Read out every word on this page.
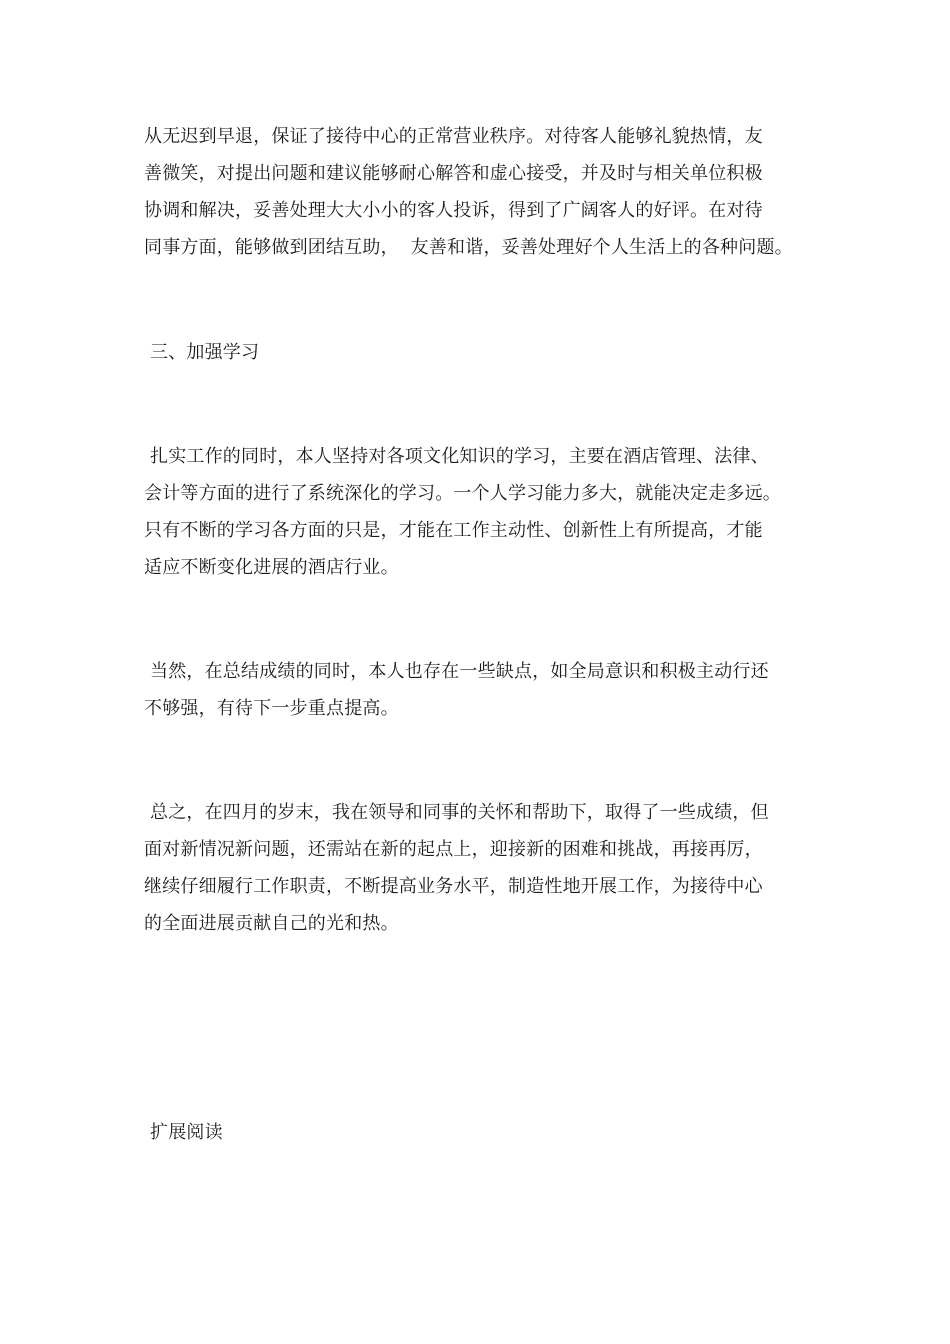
从无迟到早退，保证了接待中心的正常营业秩序。对待客人能够礼貌热情，友
善微笑，对提出问题和建议能够耐心解答和虚心接受，并及时与相关单位积极
协调和解决，妥善处理大大小小的客人投诉，得到了广阔客人的好评。在对待
同事方面，能够做到团结互助，  友善和谐，妥善处理好个人生活上的各种问题。
三、加强学习
扎实工作的同时，本人坚持对各项文化知识的学习，主要在酒店管理、法律、
会计等方面的进行了系统深化的学习。一个人学习能力多大，就能决定走多远。
只有不断的学习各方面的只是，才能在工作主动性、创新性上有所提高，才能
适应不断变化进展的酒店行业。
当然，在总结成绩的同时，本人也存在一些缺点，如全局意识和积极主动行还
不够强，有待下一步重点提高。
总之，在四月的岁末，我在领导和同事的关怀和帮助下，取得了一些成绩，但
面对新情况新问题，还需站在新的起点上，迎接新的困难和挑战，再接再厉，
继续仔细履行工作职责，不断提高业务水平，制造性地开展工作，为接待中心
的全面进展贡献自己的光和热。
扩展阅读
